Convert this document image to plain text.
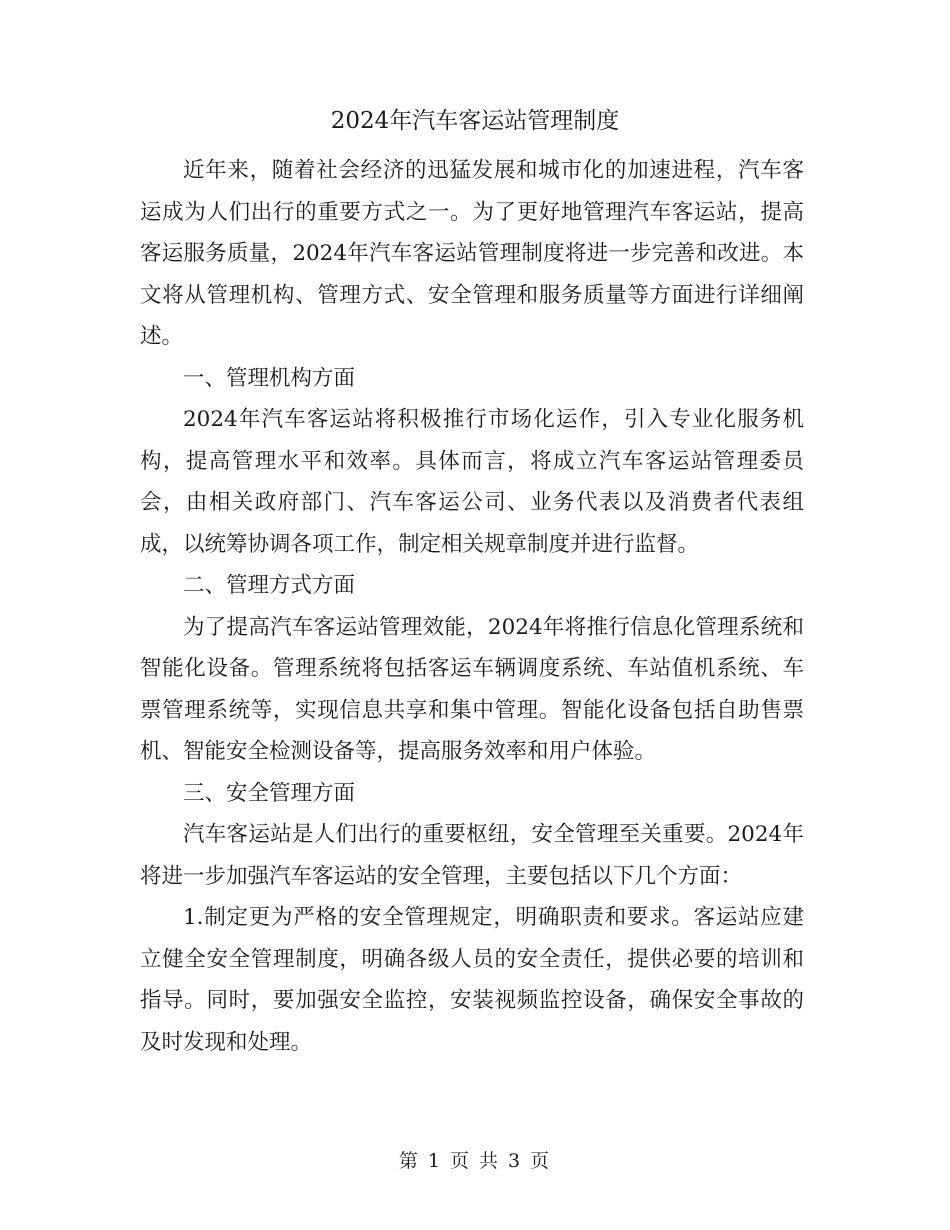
2024年汽车客运站管理制度

近年来，随着社会经济的迅猛发展和城市化的加速进程，汽车客运成为人们出行的重要方式之一。为了更好地管理汽车客运站，提高客运服务质量，2024年汽车客运站管理制度将进一步完善和改进。本文将从管理机构、管理方式、安全管理和服务质量等方面进行详细阐述。

一、管理机构方面

2024年汽车客运站将积极推行市场化运作，引入专业化服务机构，提高管理水平和效率。具体而言，将成立汽车客运站管理委员会，由相关政府部门、汽车客运公司、业务代表以及消费者代表组成，以统筹协调各项工作，制定相关规章制度并进行监督。

二、管理方式方面

为了提高汽车客运站管理效能，2024年将推行信息化管理系统和智能化设备。管理系统将包括客运车辆调度系统、车站值机系统、车票管理系统等，实现信息共享和集中管理。智能化设备包括自助售票机、智能安全检测设备等，提高服务效率和用户体验。

三、安全管理方面

汽车客运站是人们出行的重要枢纽，安全管理至关重要。2024年将进一步加强汽车客运站的安全管理，主要包括以下几个方面：

1.制定更为严格的安全管理规定，明确职责和要求。客运站应建立健全安全管理制度，明确各级人员的安全责任，提供必要的培训和指导。同时，要加强安全监控，安装视频监控设备，确保安全事故的及时发现和处理。

第 1 页 共 3 页
